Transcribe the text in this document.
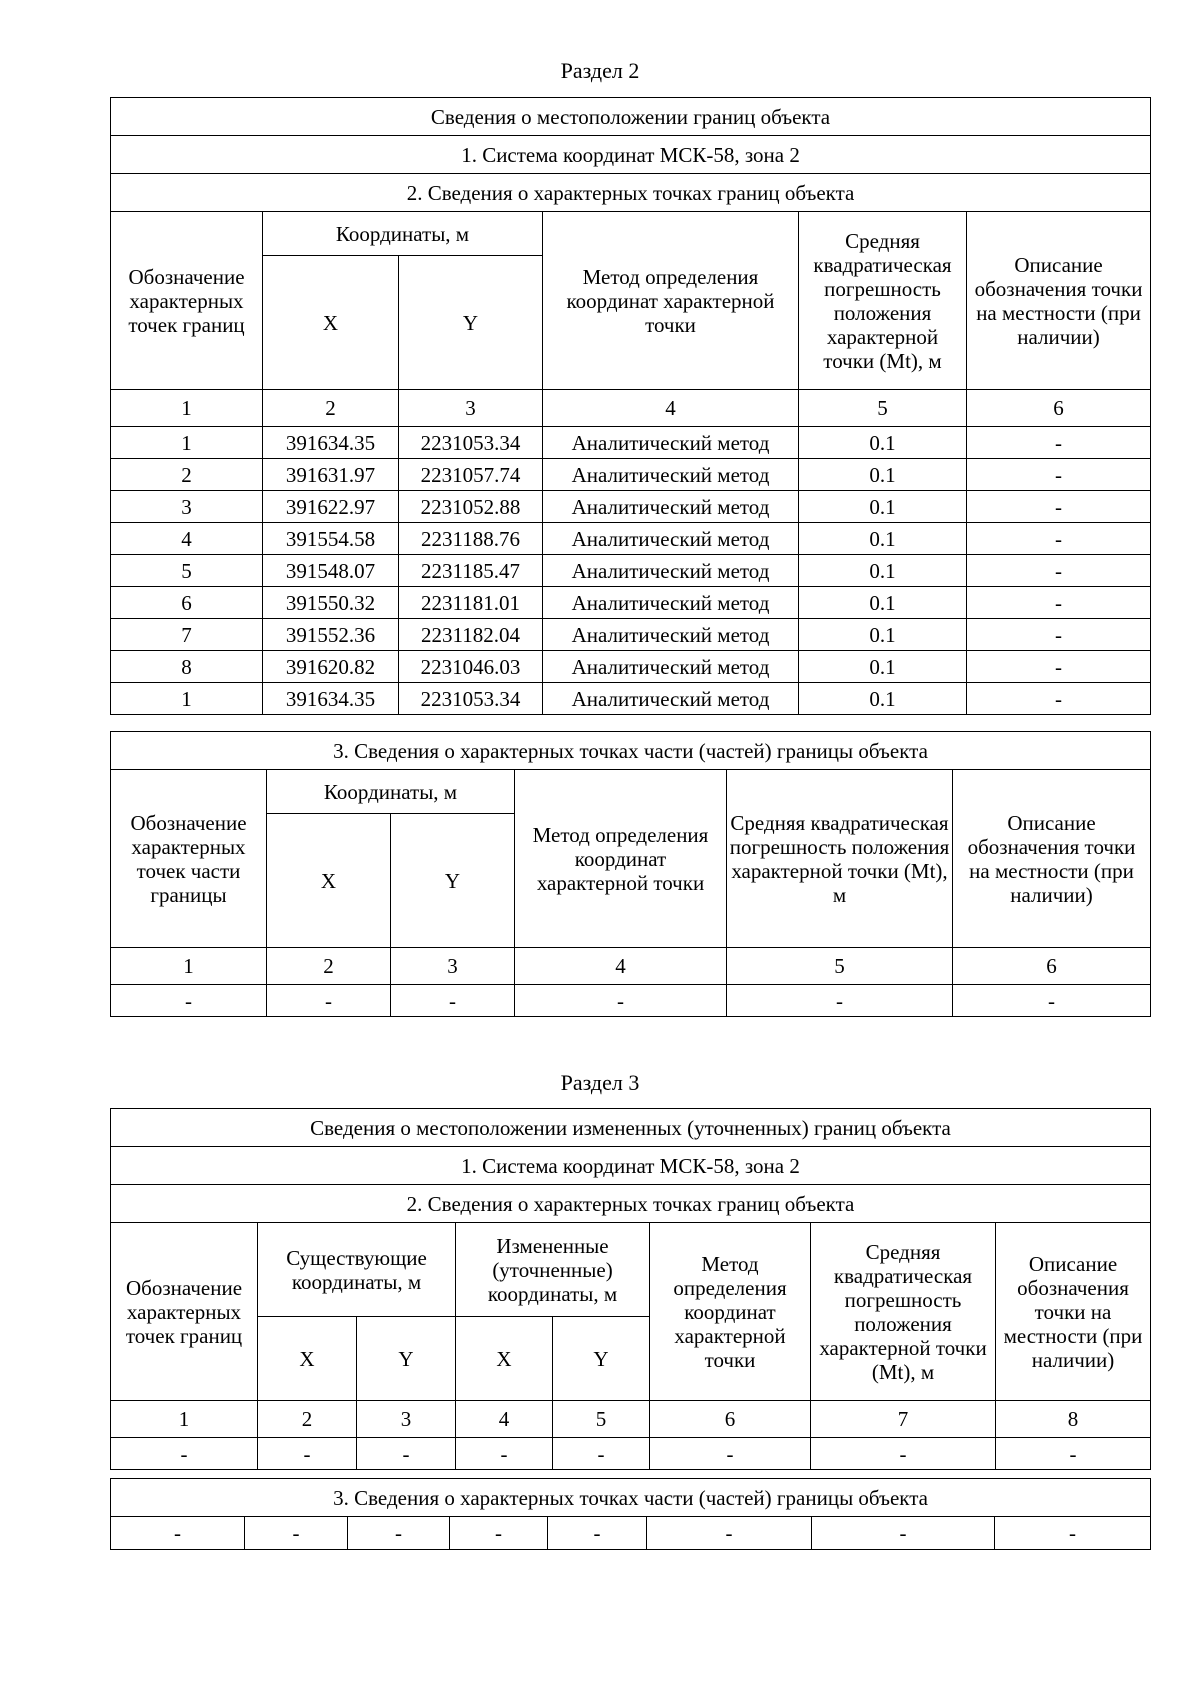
Раздел 2
Сведения о местоположении границ объекта					
1. Система координат МСК-58, зона 2					
2. Сведения о характерных точках границ объекта					
Обозначение характерных точек границ	Координаты, м		Метод определения координат характерной точки	Средняя квадратическая погрешность положения характерной точки (Mt), м	Описание обозначения точки на местности (при наличии)
	X	Y			
1	2	3	4	5	6
1	391634.35	2231053.34	Аналитический метод	0.1	-
2	391631.97	2231057.74	Аналитический метод	0.1	-
3	391622.97	2231052.88	Аналитический метод	0.1	-
4	391554.58	2231188.76	Аналитический метод	0.1	-
5	391548.07	2231185.47	Аналитический метод	0.1	-
6	391550.32	2231181.01	Аналитический метод	0.1	-
7	391552.36	2231182.04	Аналитический метод	0.1	-
8	391620.82	2231046.03	Аналитический метод	0.1	-
1	391634.35	2231053.34	Аналитический метод	0.1	-
3. Сведения о характерных точках части (частей) границы объекта					
Обозначение характерных точек части границы	Координаты, м		Метод определения координат характерной точки	Средняя квадратическая погрешность положения характерной точки (Mt), м	Описание обозначения точки на местности (при наличии)
	X	Y			
1	2	3	4	5	6
-	-	-	-	-	-
Раздел 3
Сведения о местоположении измененных (уточненных) границ объекта							
1. Система координат МСК-58, зона 2							
2. Сведения о характерных точках границ объекта							
Обозначение характерных точек границ	Существующие координаты, м		Измененные (уточненные) координаты, м		Метод определения координат характерной точки	Средняя квадратическая погрешность положения характерной точки (Mt), м	Описание обозначения точки на местности (при наличии)
	X	Y	X	Y			
1	2	3	4	5	6	7	8
-	-	-	-	-	-	-	-
3. Сведения о характерных точках части (частей) границы объекта
-	-	-	-	-	-	-	-
